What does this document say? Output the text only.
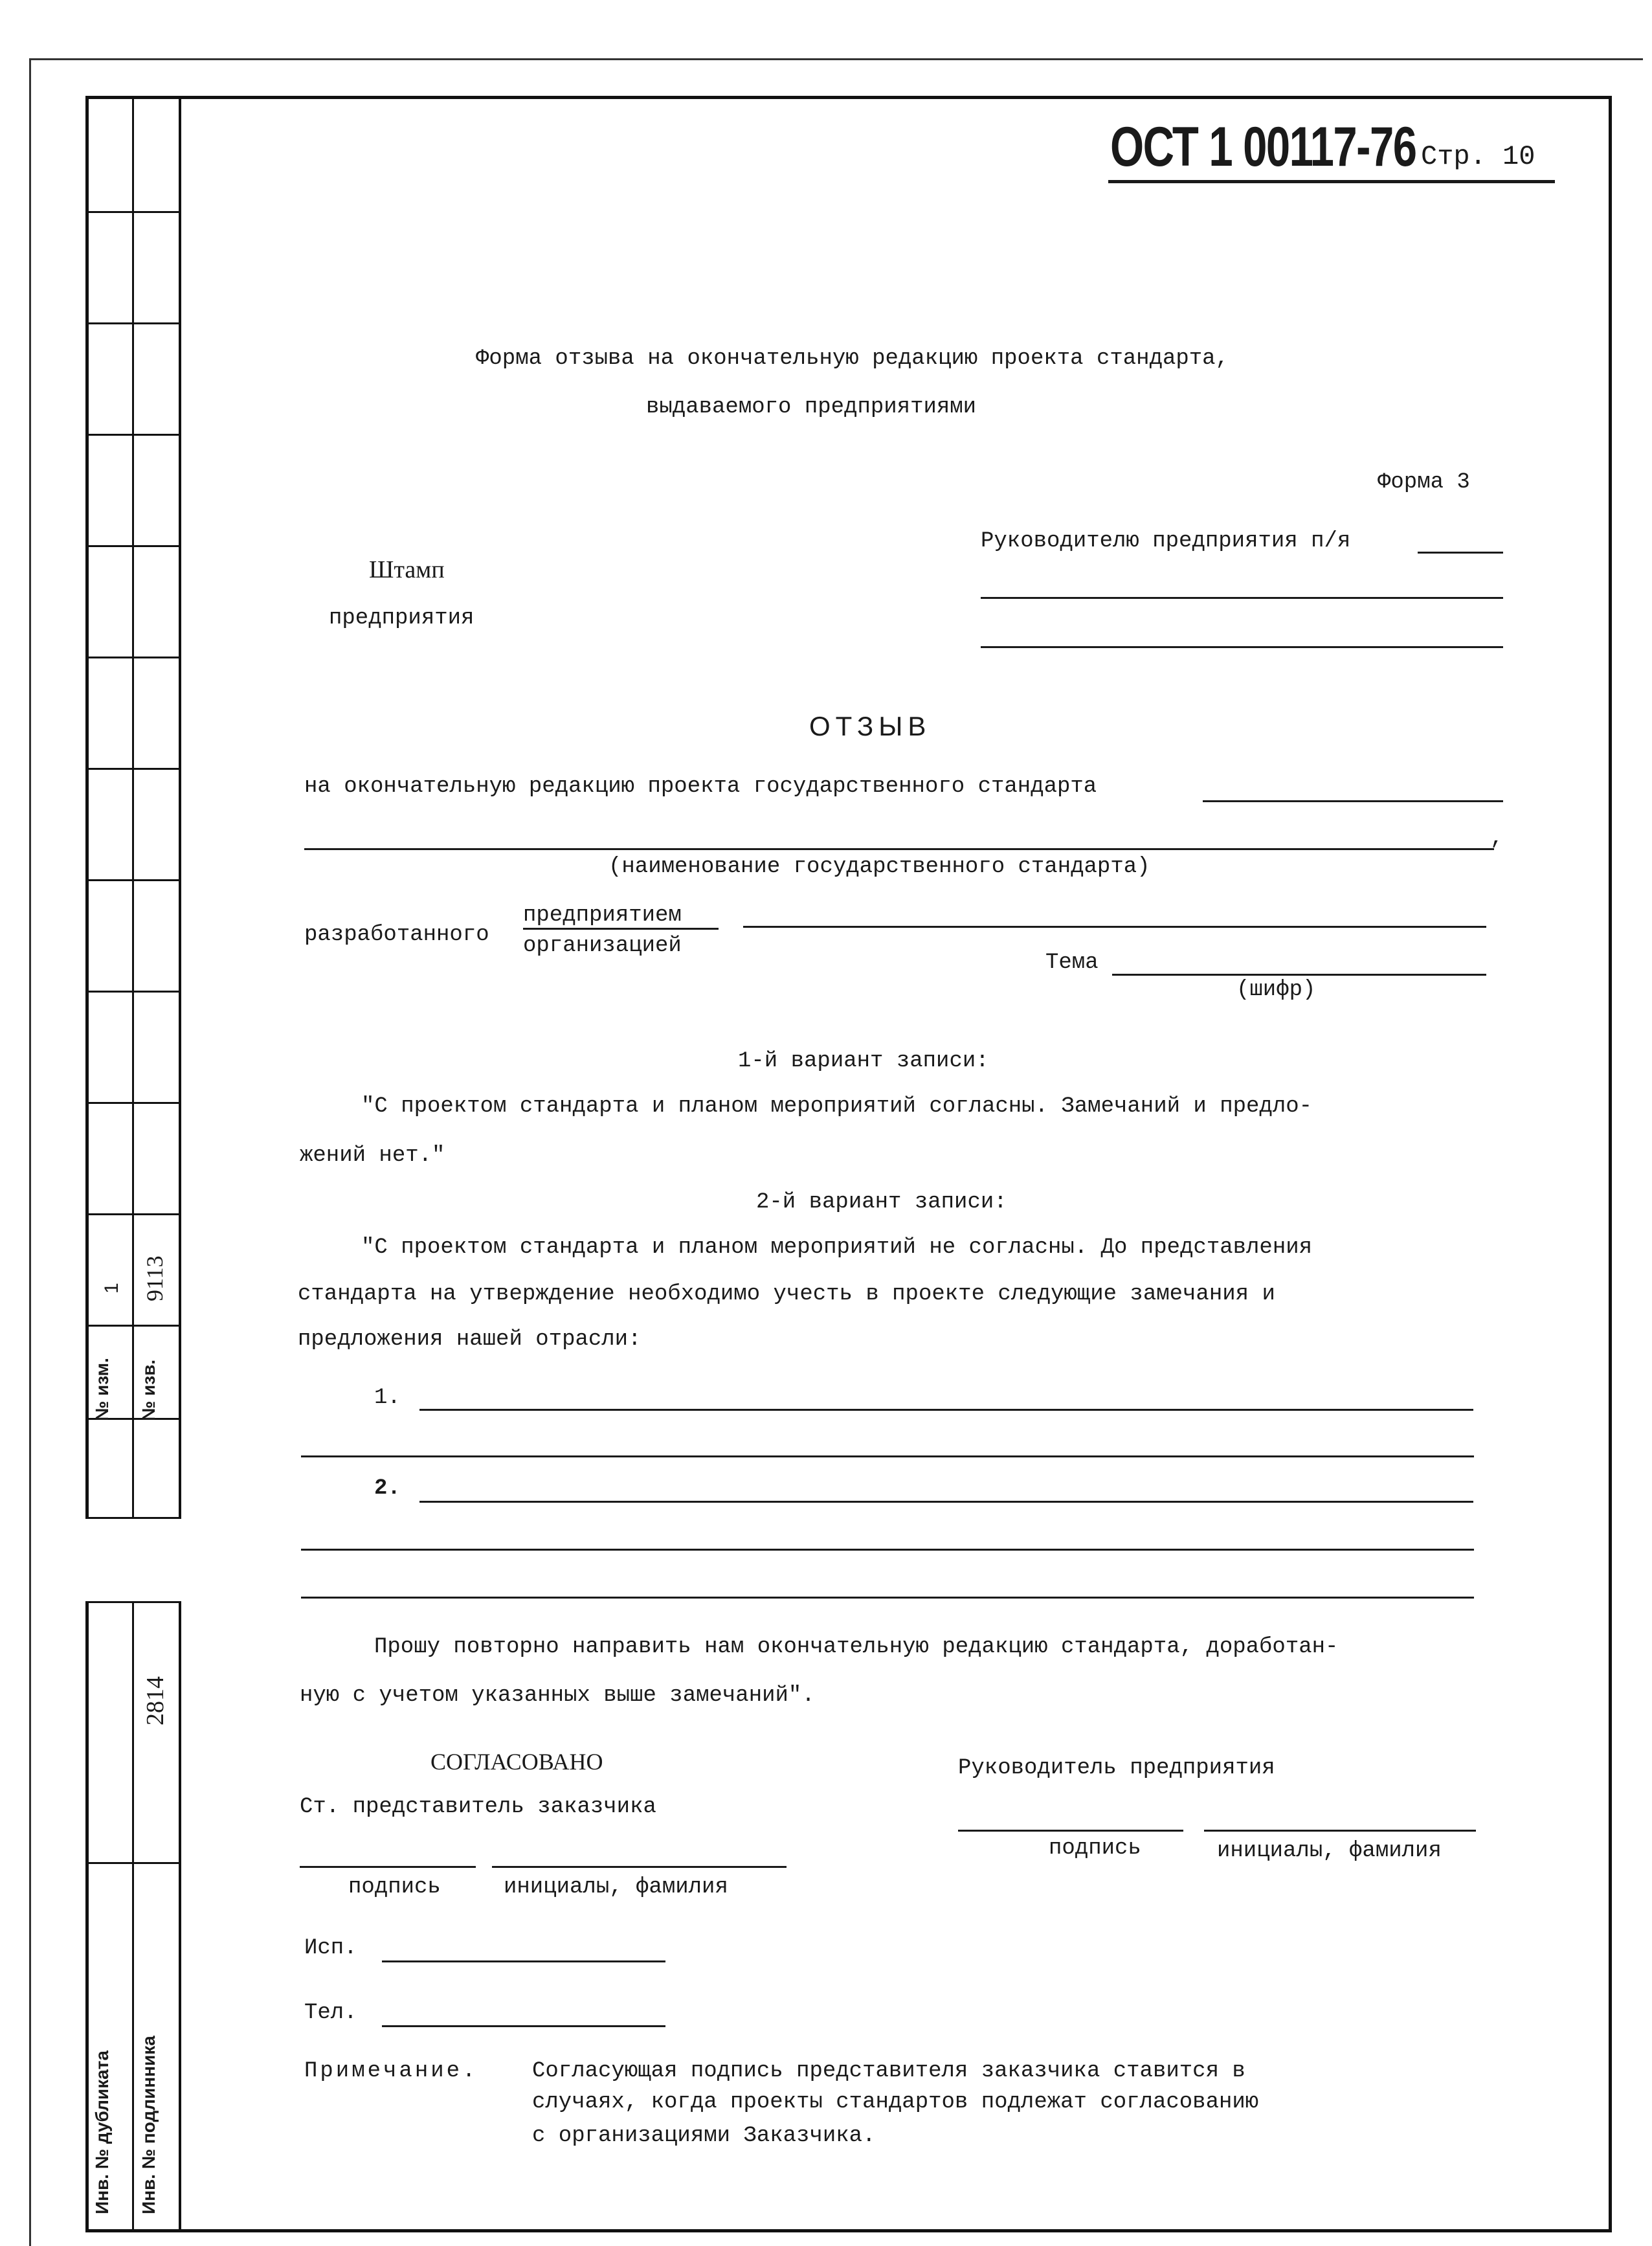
№ изм. № изв.
1 9113
2814
Инв. № дубликата Инв. № подлинника
ОСТ 1 00117-76 Стр. 10
Форма отзыва на окончательную редакцию проекта стандарта,
выдаваемого предприятиями
Форма 3
Штамп
предприятия
Руководителю предприятия п/я
ОТЗЫВ
на окончательную редакцию проекта государственного стандарта
,
(наименование государственного стандарта)
разработанного
предприятием
организацией
Тема
(шифр)
1-й вариант записи:
"С проектом стандарта и планом мероприятий согласны. Замечаний и предло-
жений нет."
2-й вариант записи:
"С проектом стандарта и планом мероприятий не согласны. До представления
стандарта на утверждение необходимо учесть в проекте следующие замечания и
предложения нашей отрасли:
1.
2.
Прошу повторно направить нам окончательную редакцию стандарта, доработан-
ную с учетом указанных выше замечаний".
СОГЛАСОВАНО
Ст. представитель заказчика
подпись	инициалы, фамилия
Руководитель предприятия
подпись	инициалы, фамилия
Исп.
Тел.
Примечание. Согласующая подпись представителя заказчика ставится в
случаях, когда проекты стандартов подлежат согласованию
с организациями Заказчика.
